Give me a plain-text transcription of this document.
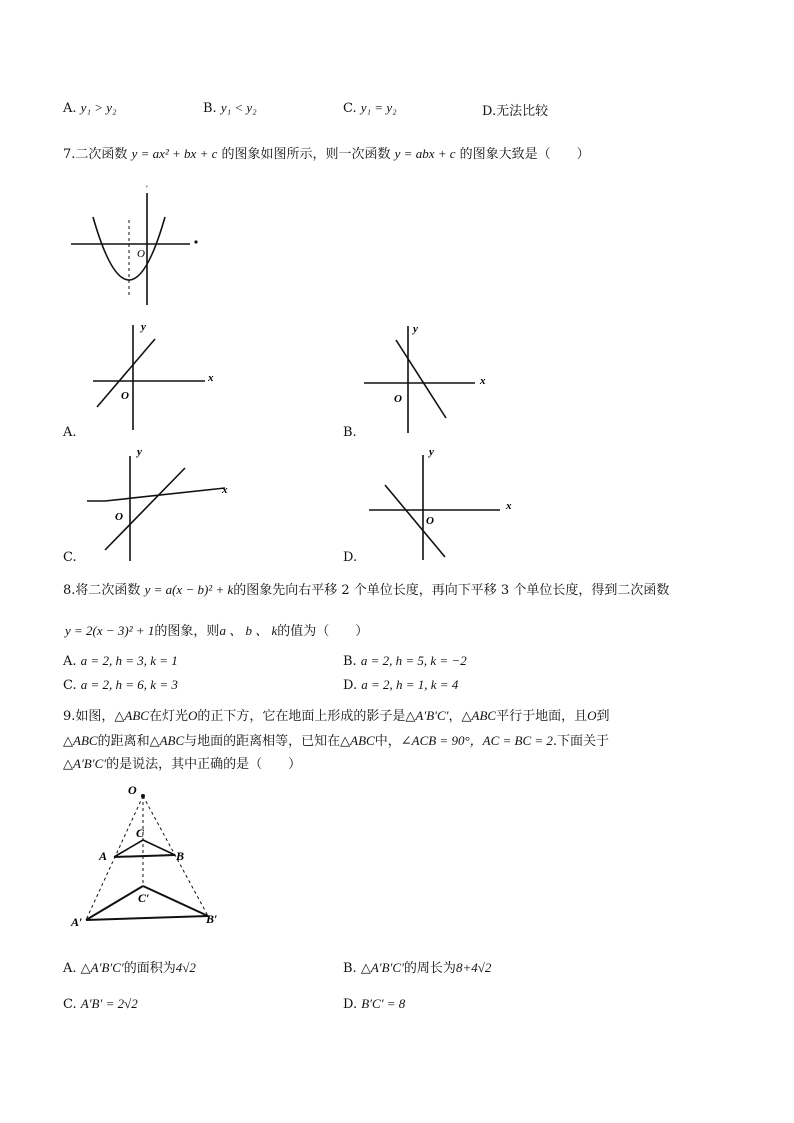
A. y₁ > y₂	B. y₁ < y₂	C. y₁ = y₂	D.无法比较
7.二次函数 y = ax² + bx + c 的图象如图所示，则一次函数 y = abx + c 的图象大致是（　　）
′
O
x
y
O
A.
x
y
O
B.
x
y
O
C.
x
y
O
D.
8.将二次函数 y = a(x − b)² + k的图象先向右平移 2 个单位长度，再向下平移 3 个单位长度，得到二次函数
y = 2(x − 3)² + 1的图象，则a 、 b 、 k的值为（　　）
A. a = 2, h = 3, k = 1	B. a = 2, h = 5, k = −2
C. a = 2, h = 6, k = 3	D. a = 2, h = 1, k = 4
9.如图，△ABC在灯光O的正下方，它在地面上形成的影子是△A′B′C′，△ABC平行于地面，且O到
△ABC的距离和△ABC与地面的距离相等，已知在△ABC中，∠ACB = 90°，AC = BC = 2.下面关于
△A′B′C′的是说法，其中正确的是（　　）
O
C
A	B
C′
A′	B′
A. △A′B′C′的面积为4√2	B. △A′B′C′的周长为8+4√2
C. A′B′ = 2√2	D. B′C′ = 8
